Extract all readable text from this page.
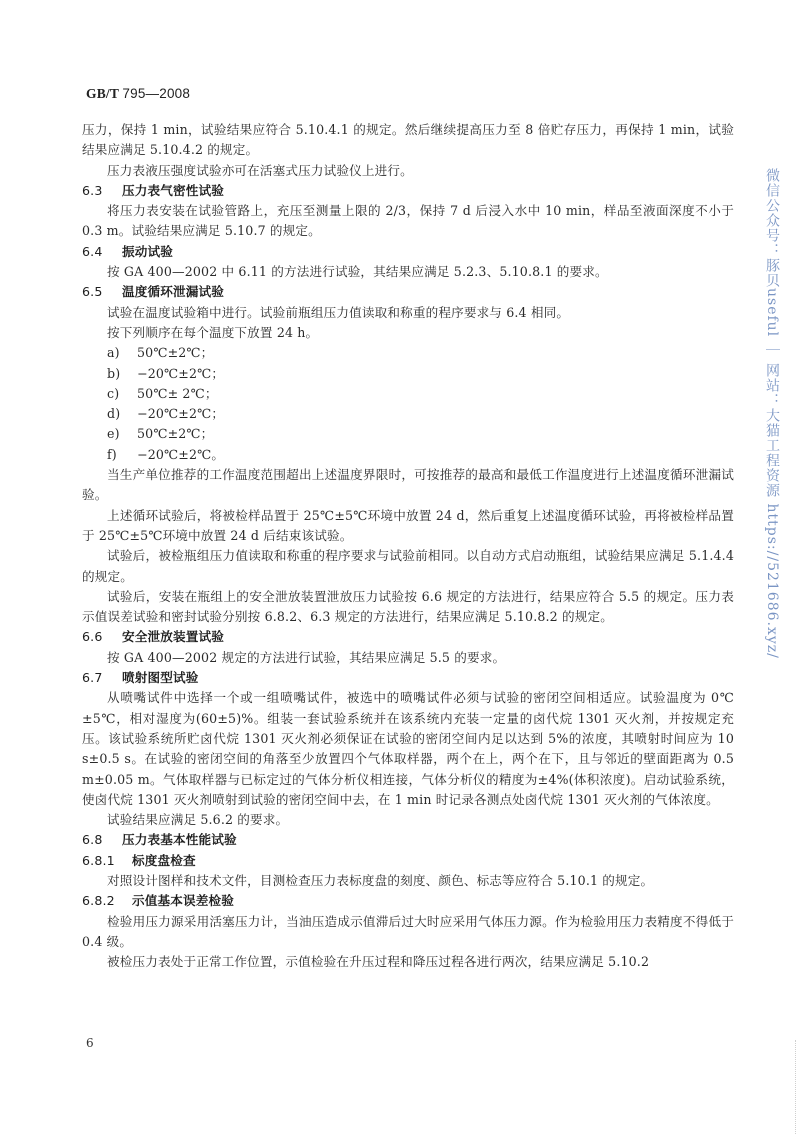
GB/T 795—2008

压力，保持 1 min，试验结果应符合 5.10.4.1 的规定。然后继续提高压力至 8 倍贮存压力，再保持 1 min，试验结果应满足 5.10.4.2 的规定。

压力表液压强度试验亦可在活塞式压力试验仪上进行。

6.3 压力表气密性试验

将压力表安装在试验管路上，充压至测量上限的 2/3，保持 7 d 后浸入水中 10 min，样品至液面深度不小于 0.3 m。试验结果应满足 5.10.7 的规定。

6.4 振动试验

按 GA 400—2002 中 6.11 的方法进行试验，其结果应满足 5.2.3、5.10.8.1 的要求。

6.5 温度循环泄漏试验

试验在温度试验箱中进行。试验前瓶组压力值读取和称重的程序要求与 6.4 相同。

按下列顺序在每个温度下放置 24 h。

a) 50℃±2℃；

b) −20℃±2℃；

c) 50℃± 2℃；

d) −20℃±2℃；

e) 50℃±2℃；

f) −20℃±2℃。

当生产单位推荐的工作温度范围超出上述温度界限时，可按推荐的最高和最低工作温度进行上述温度循环泄漏试验。

上述循环试验后，将被检样品置于 25℃±5℃环境中放置 24 d，然后重复上述温度循环试验，再将被检样品置于 25℃±5℃环境中放置 24 d 后结束该试验。

试验后，被检瓶组压力值读取和称重的程序要求与试验前相同。以自动方式启动瓶组，试验结果应满足 5.1.4.4 的规定。

试验后，安装在瓶组上的安全泄放装置泄放压力试验按 6.6 规定的方法进行，结果应符合 5.5 的规定。压力表示值误差试验和密封试验分别按 6.8.2、6.3 规定的方法进行，结果应满足 5.10.8.2 的规定。

6.6 安全泄放装置试验

按 GA 400—2002 规定的方法进行试验，其结果应满足 5.5 的要求。

6.7 喷射图型试验

从喷嘴试件中选择一个或一组喷嘴试件，被选中的喷嘴试件必须与试验的密闭空间相适应。试验温度为 0℃±5℃，相对湿度为(60±5)%。组装一套试验系统并在该系统内充装一定量的卤代烷 1301 灭火剂，并按规定充压。该试验系统所贮卤代烷 1301 灭火剂必须保证在试验的密闭空间内足以达到 5%的浓度，其喷射时间应为 10 s±0.5 s。在试验的密闭空间的角落至少放置四个气体取样器，两个在上，两个在下，且与邻近的壁面距离为 0.5 m±0.05 m。气体取样器与已标定过的气体分析仪相连接，气体分析仪的精度为±4%(体积浓度)。启动试验系统，使卤代烷 1301 灭火剂喷射到试验的密闭空间中去，在 1 min 时记录各测点处卤代烷 1301 灭火剂的气体浓度。

试验结果应满足 5.6.2 的要求。

6.8 压力表基本性能试验
6.8.1 标度盘检查

对照设计图样和技术文件，目测检查压力表标度盘的刻度、颜色、标志等应符合 5.10.1 的规定。

6.8.2 示值基本误差检验

检验用压力源采用活塞压力计，当油压造成示值滞后过大时应采用气体压力源。作为检验用压力表精度不得低于 0.4 级。

被检压力表处于正常工作位置，示值检验在升压过程和降压过程各进行两次，结果应满足 5.10.2

6
微信公众号：豚贝useful ｜ 网站：大猫工程资源 https://521686.xyz/
